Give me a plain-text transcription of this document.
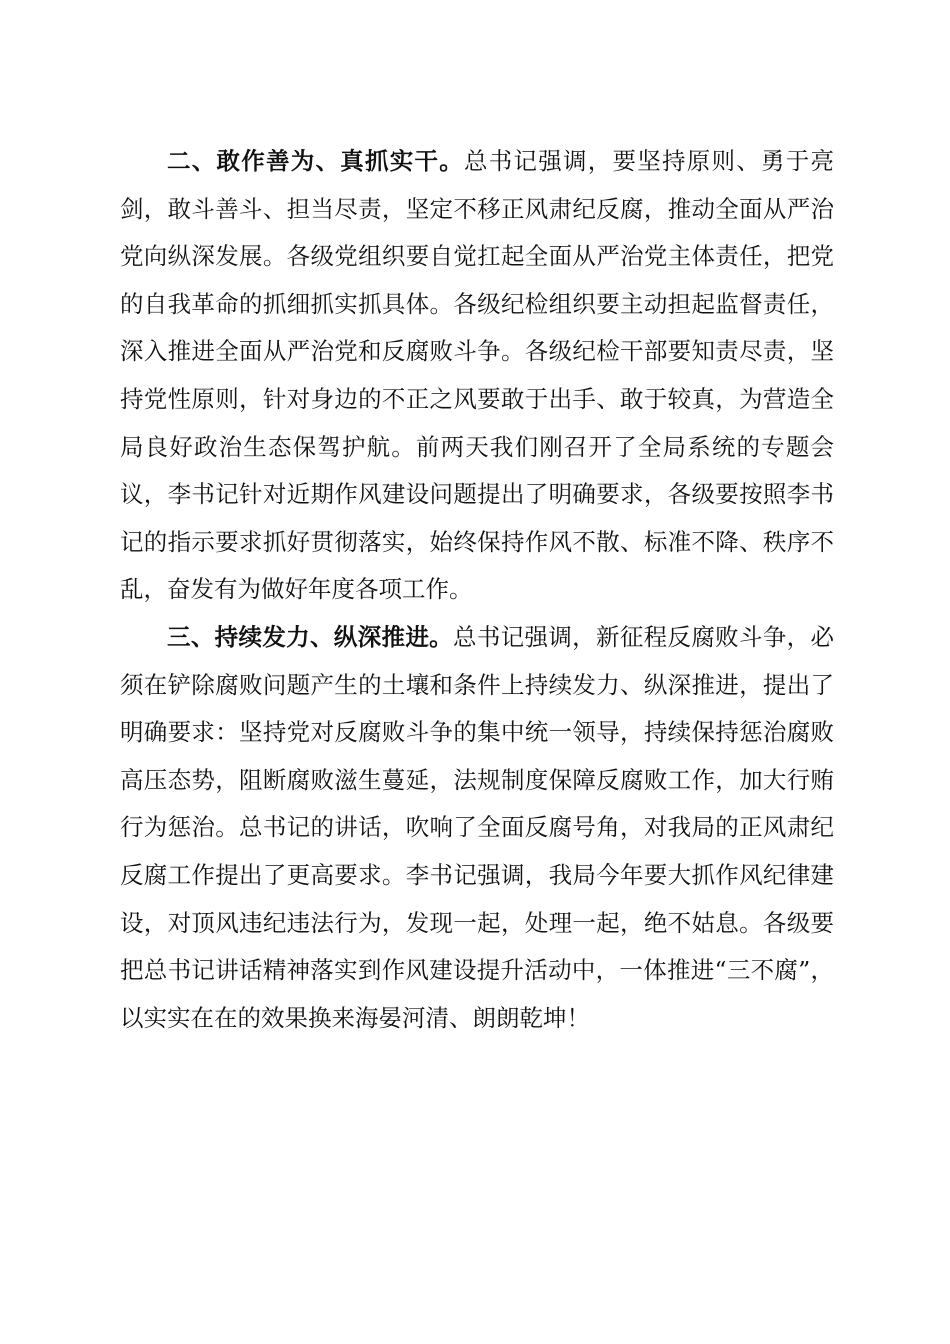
二、敢作善为、真抓实干。总书记强调，要坚持原则、勇于亮剑，敢斗善斗、担当尽责，坚定不移正风肃纪反腐，推动全面从严治党向纵深发展。各级党组织要自觉扛起全面从严治党主体责任，把党的自我革命的抓细抓实抓具体。各级纪检组织要主动担起监督责任，深入推进全面从严治党和反腐败斗争。各级纪检干部要知责尽责，坚持党性原则，针对身边的不正之风要敢于出手、敢于较真，为营造全局良好政治生态保驾护航。前两天我们刚召开了全局系统的专题会议，李书记针对近期作风建设问题提出了明确要求，各级要按照李书记的指示要求抓好贯彻落实，始终保持作风不散、标准不降、秩序不乱，奋发有为做好年度各项工作。

三、持续发力、纵深推进。总书记强调，新征程反腐败斗争，必须在铲除腐败问题产生的土壤和条件上持续发力、纵深推进，提出了明确要求：坚持党对反腐败斗争的集中统一领导，持续保持惩治腐败高压态势，阻断腐败滋生蔓延，法规制度保障反腐败工作，加大行贿行为惩治。总书记的讲话，吹响了全面反腐号角，对我局的正风肃纪反腐工作提出了更高要求。李书记强调，我局今年要大抓作风纪律建设，对顶风违纪违法行为，发现一起，处理一起，绝不姑息。各级要把总书记讲话精神落实到作风建设提升活动中，一体推进“三不腐”，以实实在在的效果换来海晏河清、朗朗乾坤！
